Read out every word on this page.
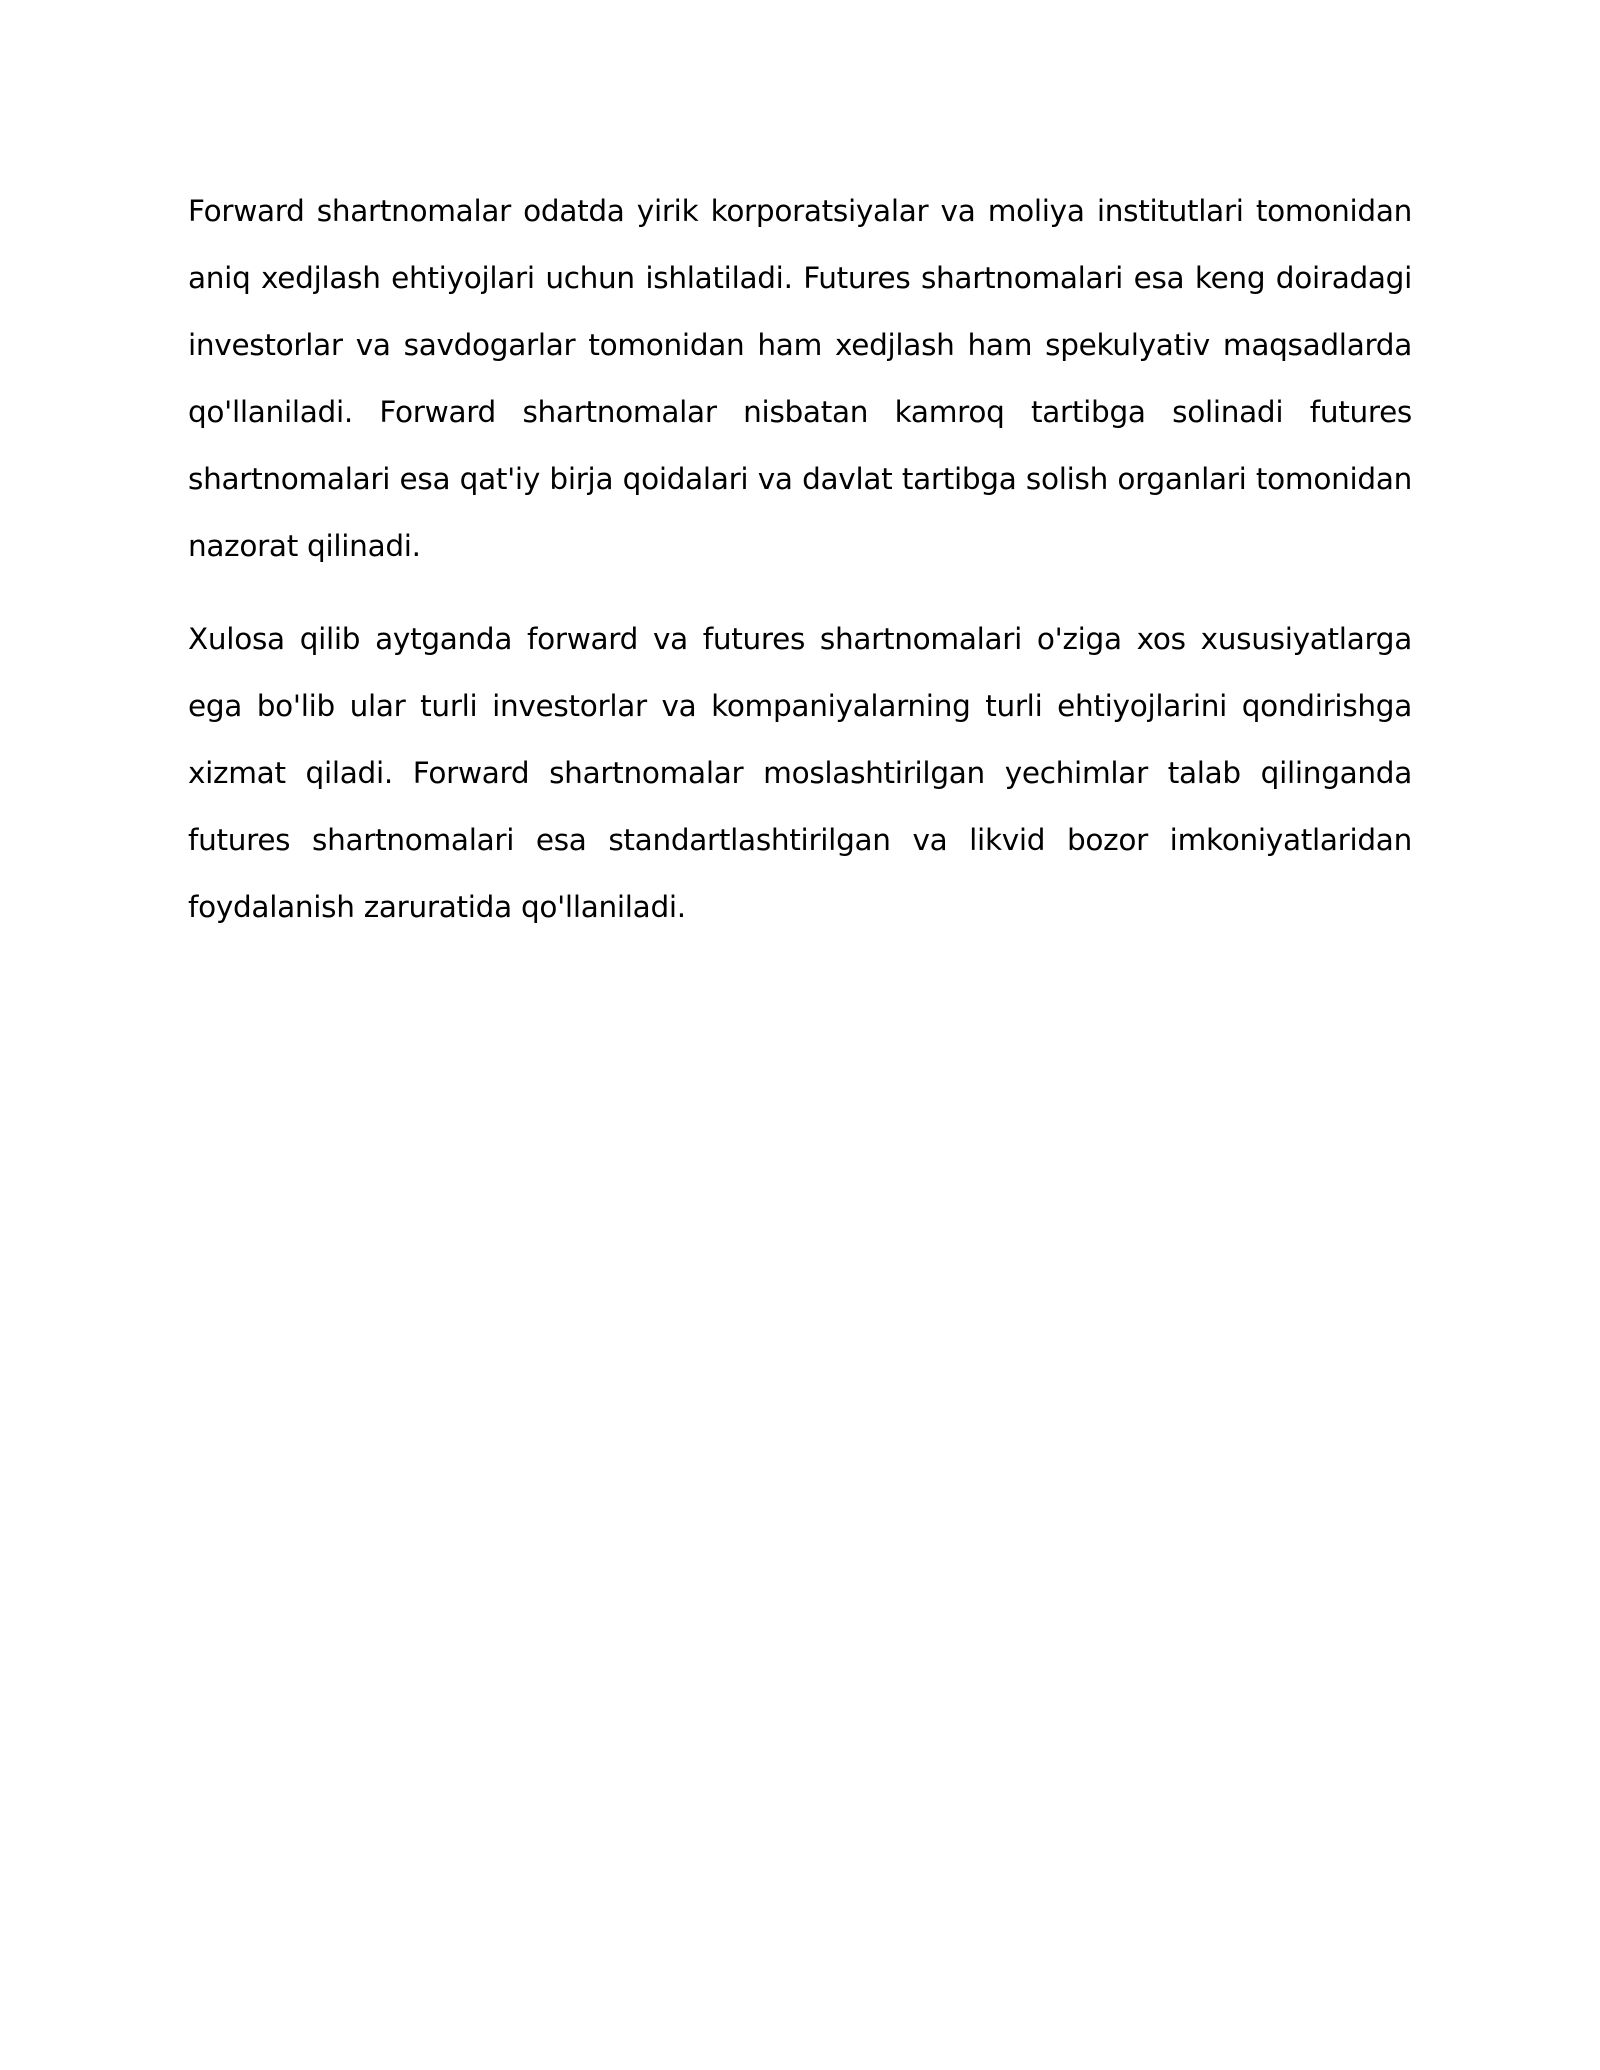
Forward shartnomalar odatda yirik korporatsiyalar va moliya institutlari tomonidan aniq xedjlash ehtiyojlari uchun ishlatiladi. Futures shartnomalari esa keng doiradagi investorlar va savdogarlar tomonidan ham xedjlash ham spekulyativ maqsadlarda qo'llaniladi. Forward shartnomalar nisbatan kamroq tartibga solinadi futures shartnomalari esa qat'iy birja qoidalari va davlat tartibga solish organlari tomonidan nazorat qilinadi.

Xulosa qilib aytganda forward va futures shartnomalari o'ziga xos xususiyatlarga ega bo'lib ular turli investorlar va kompaniyalarning turli ehtiyojlarini qondirishga xizmat qiladi. Forward shartnomalar moslashtirilgan yechimlar talab qilinganda futures shartnomalari esa standartlashtirilgan va likvid bozor imkoniyatlaridan foydalanish zaruratida qo'llaniladi.
